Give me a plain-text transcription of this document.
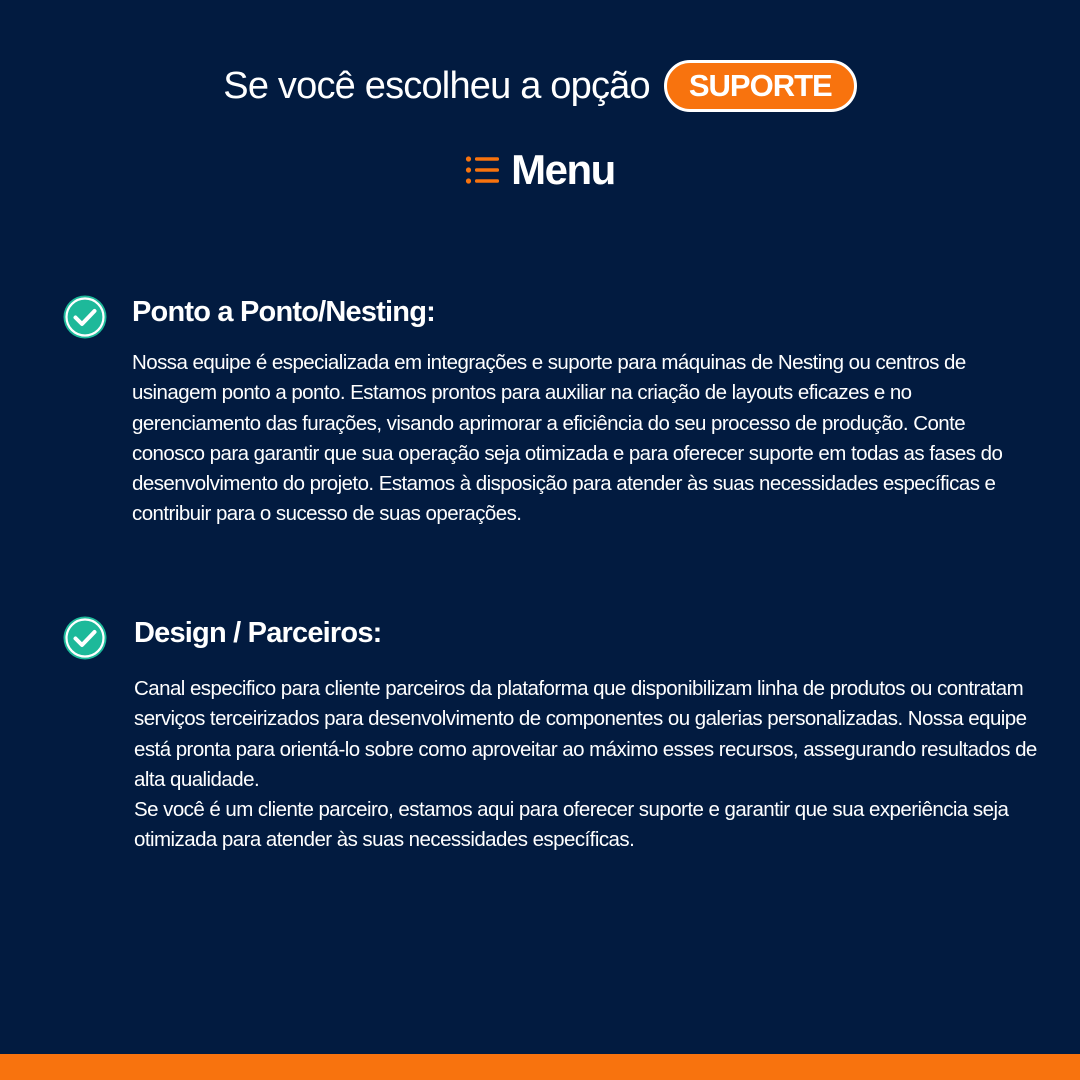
Se você escolheu a opção	SUPORTE
Menu
Ponto a Ponto/Nesting:

Nossa equipe é especializada em integrações e suporte para máquinas de Nesting ou centros de usinagem ponto a ponto. Estamos prontos para auxiliar na criação de layouts eficazes e no gerenciamento das furações, visando aprimorar a eficiência do seu processo de produção. Conte conosco para garantir que sua operação seja otimizada e para oferecer suporte em todas as fases do desenvolvimento do projeto. Estamos à disposição para atender às suas necessidades específicas e contribuir para o sucesso de suas operações.

Design / Parceiros:

Canal especifico para cliente parceiros da plataforma que disponibilizam linha de produtos ou contratam serviços terceirizados para desenvolvimento de componentes ou galerias personalizadas. Nossa equipe está pronta para orientá-lo sobre como aproveitar ao máximo esses recursos, assegurando resultados de alta qualidade.

Se você é um cliente parceiro, estamos aqui para oferecer suporte e garantir que sua experiência seja otimizada para atender às suas necessidades específicas.
